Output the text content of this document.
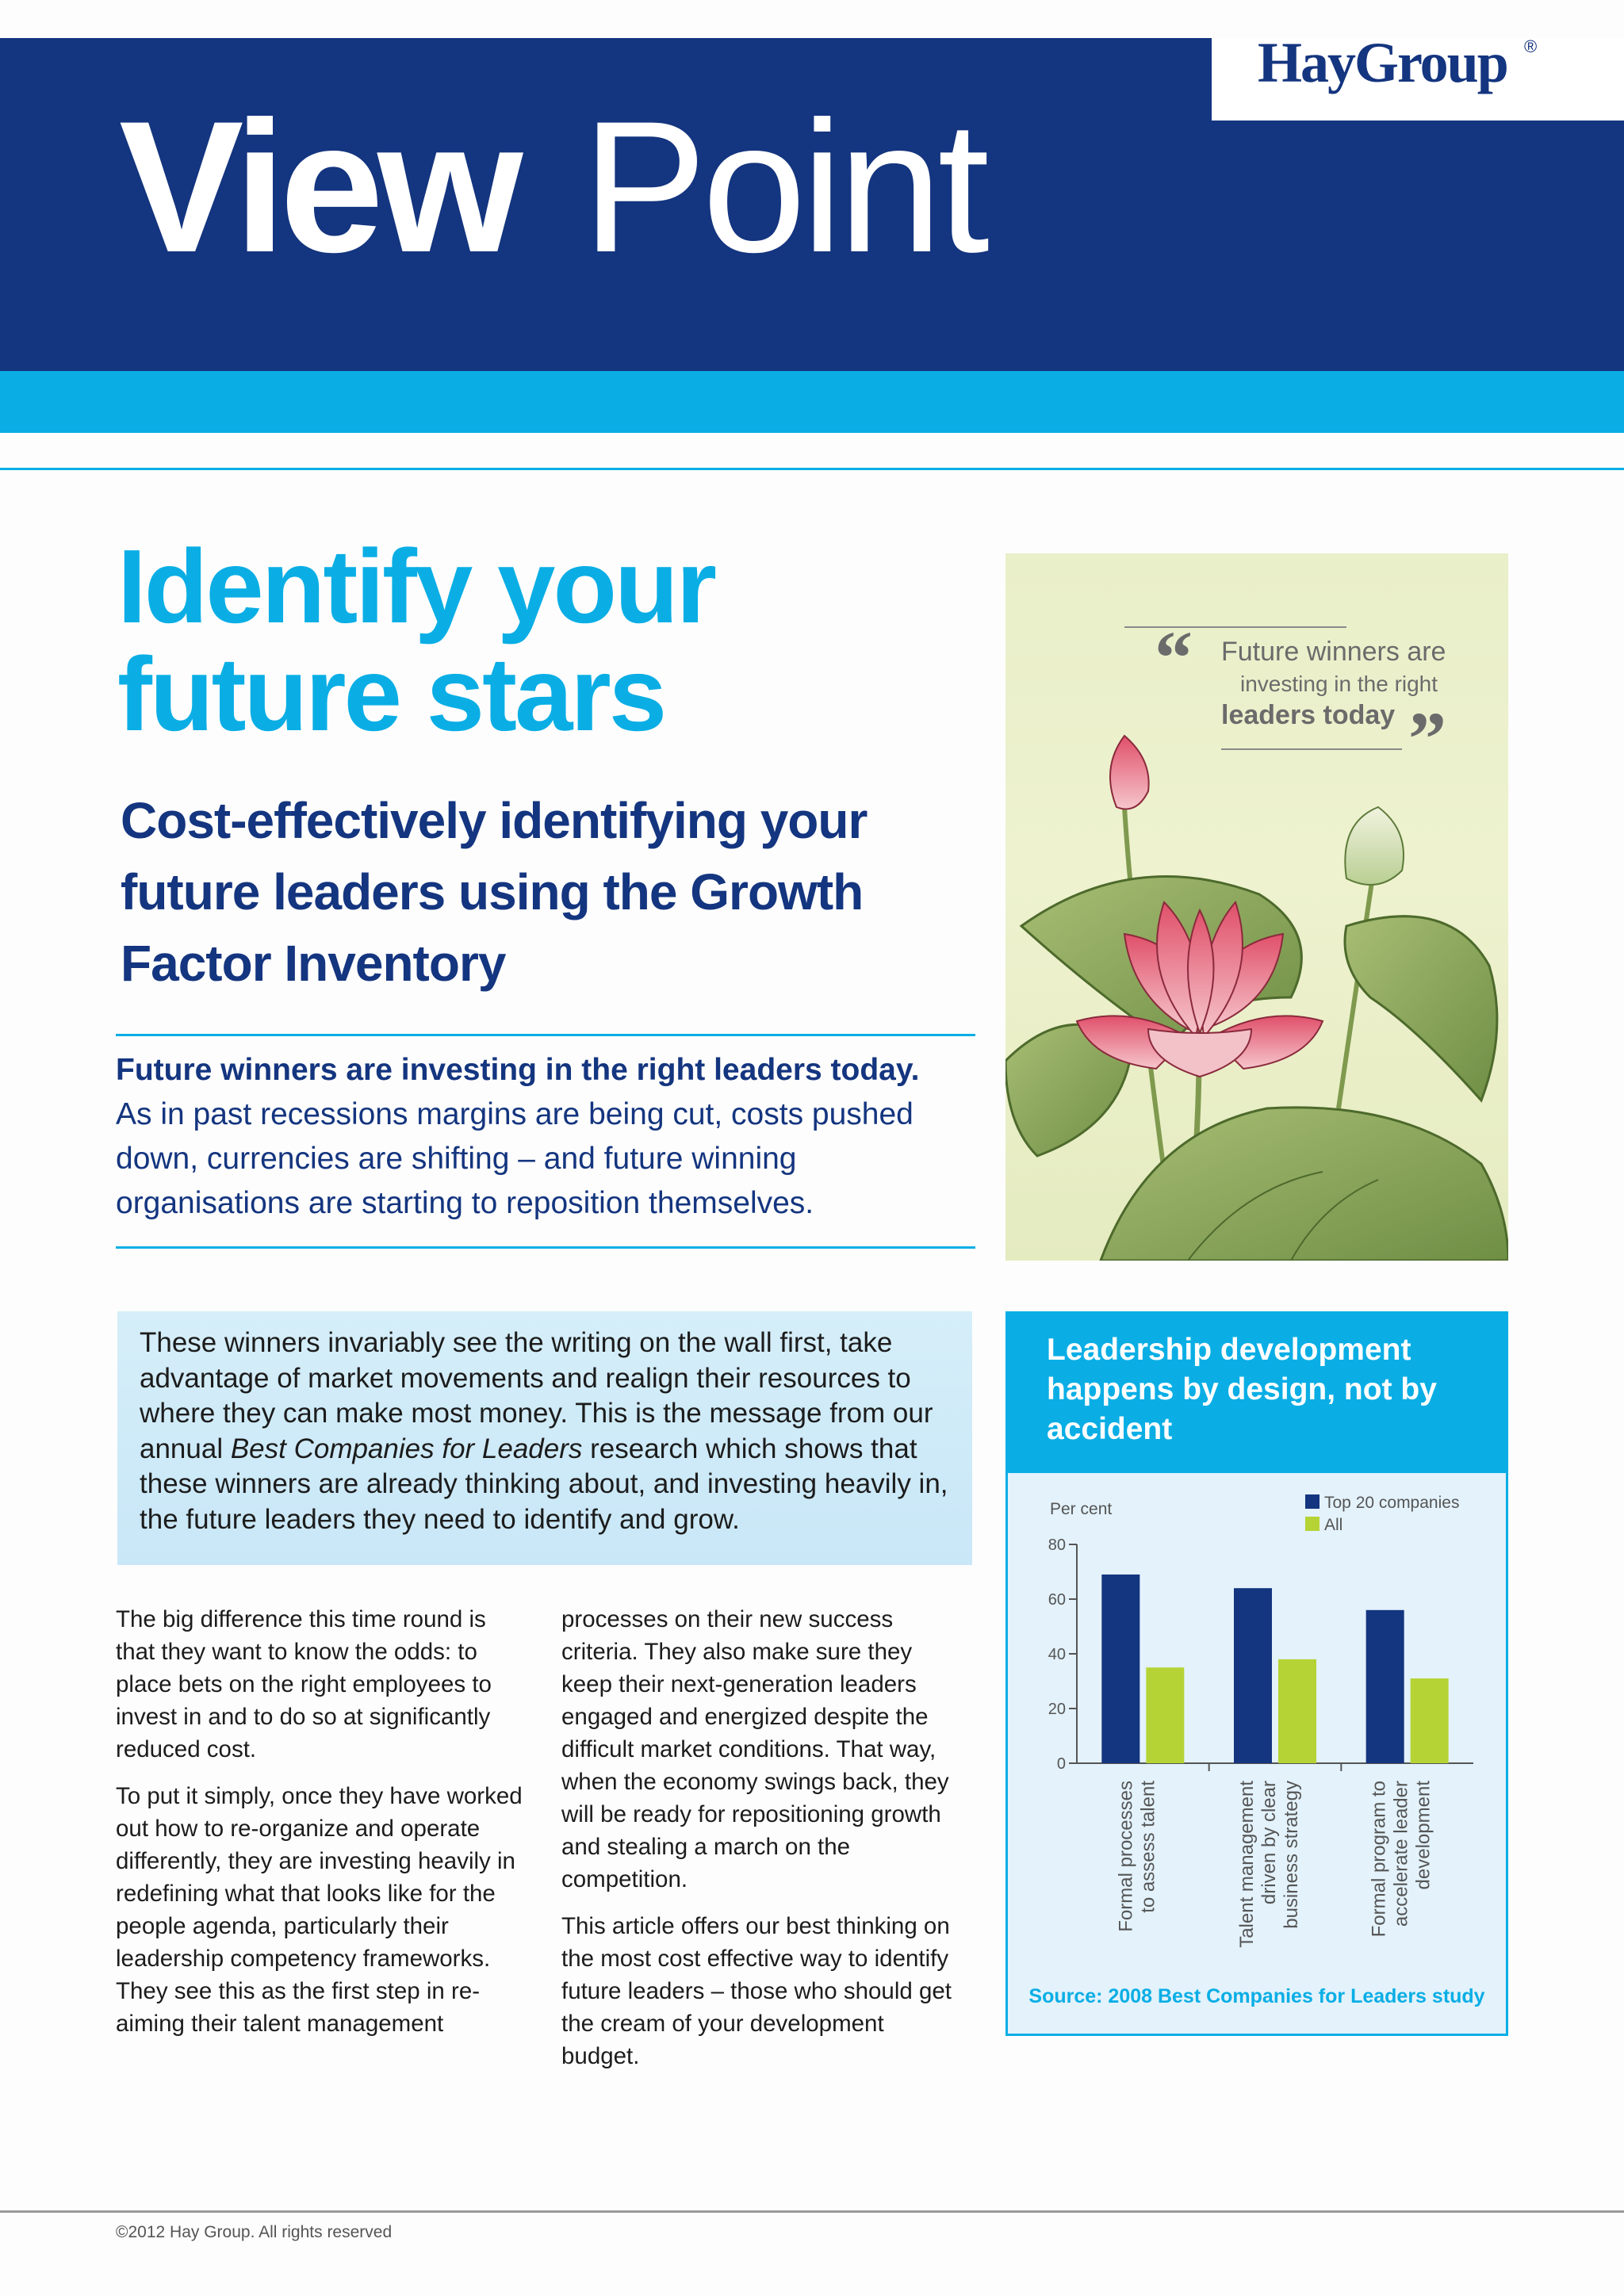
HayGroup ®
View Point
Identify your future stars
Cost-effectively identifying your future leaders using the Growth Factor Inventory
Future winners are investing in the right leaders today.
As in past recessions margins are being cut, costs pushed down, currencies are shifting – and future winning organisations are starting to reposition themselves.
“ Future winners are
investing in the right
leaders today ”
These winners invariably see the writing on the wall first, take advantage of market movements and realign their resources to where they can make most money. This is the message from our annual Best Companies for Leaders research which shows that these winners are already thinking about, and investing heavily in, the future leaders they need to identify and grow.

The big difference this time round is that they want to know the odds: to place bets on the right employees to invest in and to do so at significantly reduced cost.

To put it simply, once they have worked out how to re-organize and operate differently, they are investing heavily in redefining what that looks like for the people agenda, particularly their leadership competency frameworks. They see this as the first step in re-aiming their talent management

processes on their new success criteria. They also make sure they keep their next-generation leaders engaged and energized despite the difficult market conditions. That way, when the economy swings back, they will be ready for repositioning growth and stealing a march on the competition.

This article offers our best thinking on the most cost effective way to identify future leaders – those who should get the cream of your development budget.

Leadership development happens by design, not by accident
Per cent
0
20
40
60
80
Formal processesto assess talent	Talent managementdriven by clearbusiness strategy	Formal program toaccelerate leaderdevelopment
Top 20 companies
All
Source: 2008 Best Companies for Leaders study
©2012 Hay Group. All rights reserved
